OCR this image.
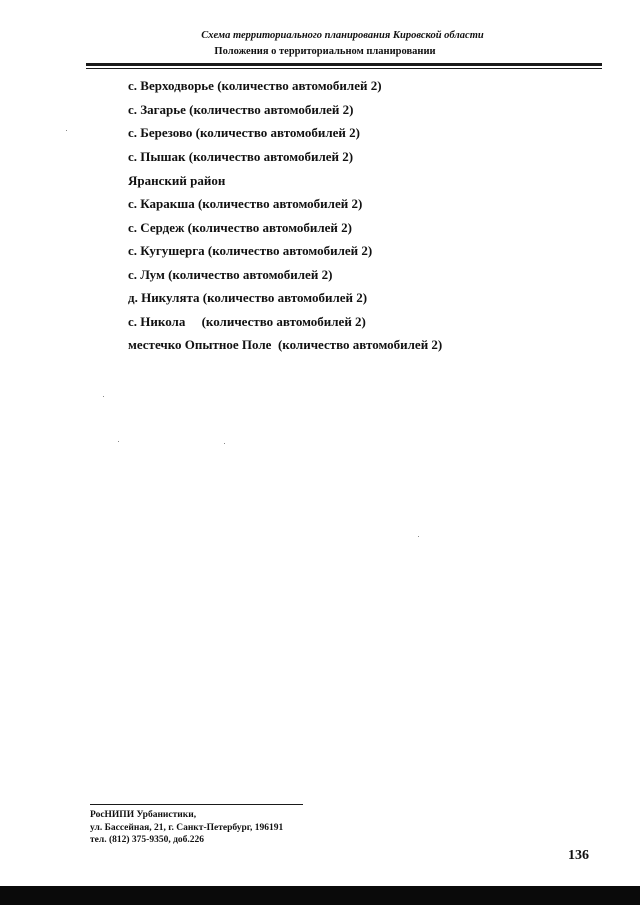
Схема территориального планирования Кировской области
Положения о территориальном планировании
с. Верходворье (количество автомобилей 2)
с. Загарье (количество автомобилей 2)
с. Березово (количество автомобилей 2)
с. Пышак (количество автомобилей 2)
Яранский район
с. Каракша (количество автомобилей 2)
с. Сердеж (количество автомобилей 2)
с. Кугушерга (количество автомобилей 2)
с. Лум (количество автомобилей 2)
д. Никулята (количество автомобилей 2)
с. Никола     (количество автомобилей 2)
местечко Опытное Поле  (количество автомобилей 2)
РосНИПИ Урбанистики,
ул. Бассейная, 21, г. Санкт-Петербург, 196191
тел. (812) 375-9350, доб.226
136
